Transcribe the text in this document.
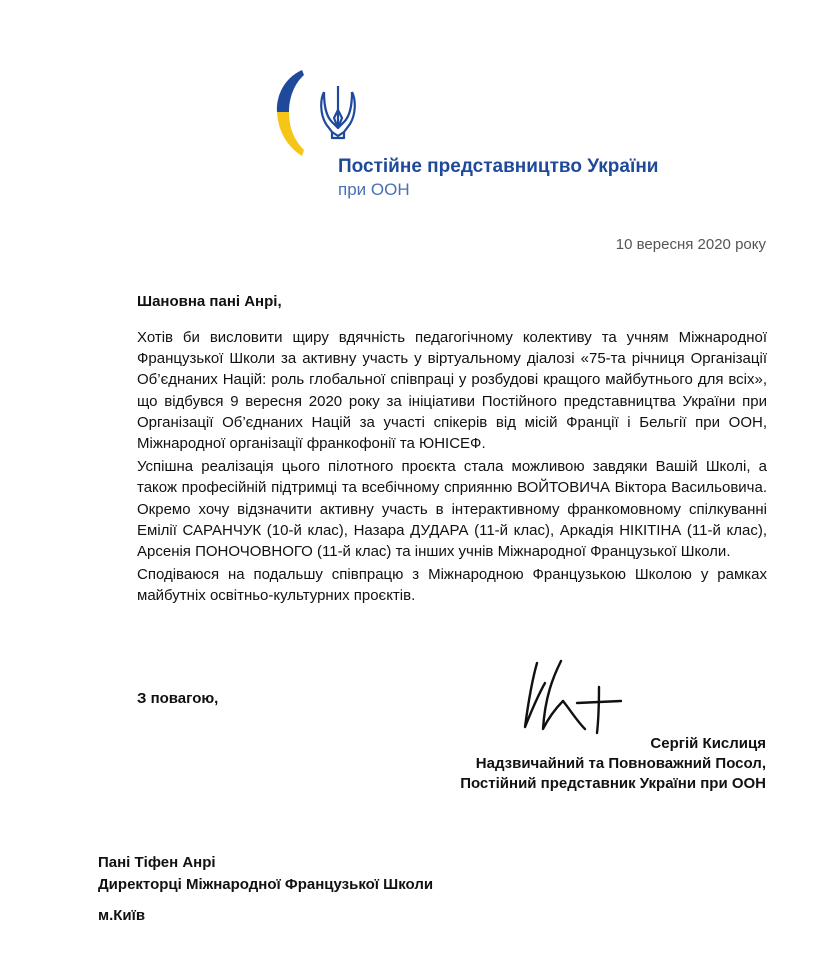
Постійне представництво України
при ООН
10 вересня 2020 року
Шановна пані Анрі,

Хотів би висловити щиру вдячність педагогічному колективу та учням Міжнародної Французької Школи за активну участь у віртуальному діалозі «75-та річниця Організації Об’єднаних Націй: роль глобальної співпраці у розбудові кращого майбутнього для всіх», що відбувся 9 вересня 2020 року за ініціативи Постійного представництва України при Організації Об’єднаних Націй за участі спікерів від місій Франції і Бельгії при ООН, Міжнародної організації франкофонії та ЮНІСЕФ.

Успішна реалізація цього пілотного проєкта стала можливою завдяки Вашій Школі, а також професійній підтримці та всебічному сприянню ВОЙТОВИЧА Віктора Васильовича. Окремо хочу відзначити активну участь в інтерактивному франкомовному спілкуванні Емілії САРАНЧУК (10-й клас), Назара ДУДАРА (11-й клас), Аркадія НІКІТІНА (11-й клас), Арсенія ПОНОЧОВНОГО (11-й клас) та інших учнів Міжнародної Французької Школи.

Сподіваюся на подальшу співпрацю з Міжнародною Французькою Школою у рамках майбутніх освітньо-культурних проєктів.

З повагою,
Сергій Кислиця
Надзвичайний та Повноважний Посол,
Постійний представник України при ООН
Пані Тіфен Анрі
Директорці Міжнародної Французької Школи
м.Київ
